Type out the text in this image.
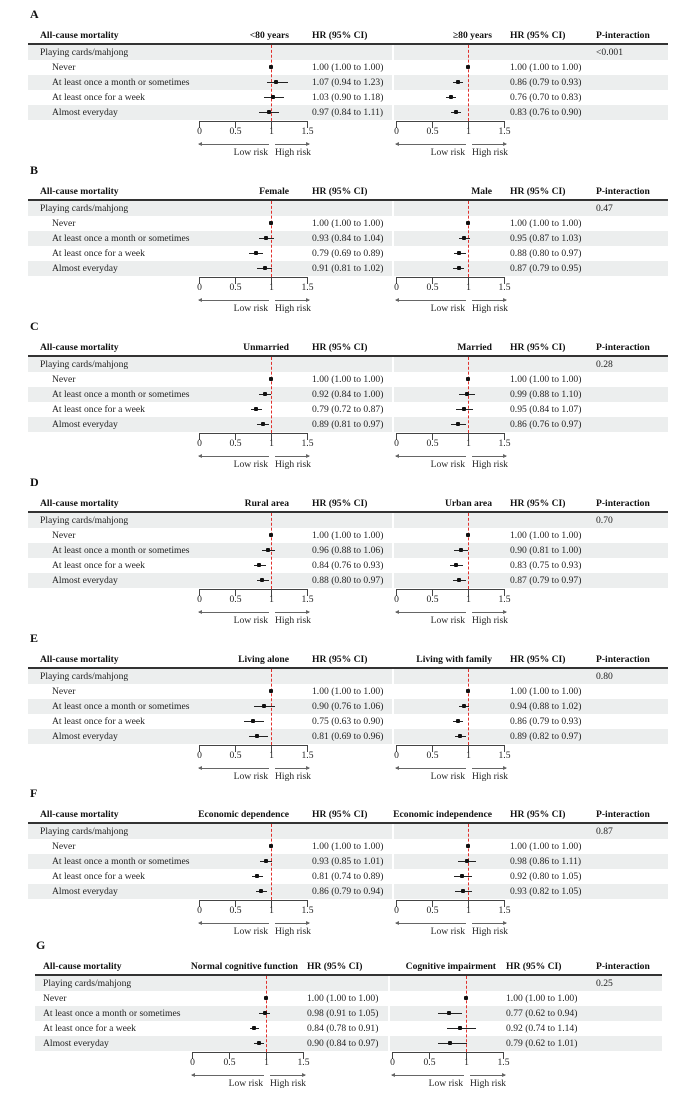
A
All-cause mortality	<80 years HR (95% CI)	≥80 years HR (95% CI)	P-interaction
Playing cards/mahjong	<0.001
Never	1.00 (1.00 to 1.00)	1.00 (1.00 to 1.00)
At least once a month or sometimes	1.07 (0.94 to 1.23)	0.86 (0.79 to 0.93)
At least once for a week	1.03 (0.90 to 1.18)	0.76 (0.70 to 0.83)
Almost everyday	0.97 (0.84 to 1.11)	0.83 (0.76 to 0.90)
0	0.5	1	1.5
Low risk High risk
0	0.5	1	1.5
Low risk High risk
B
All-cause mortality	Female HR (95% CI)	Male HR (95% CI)	P-interaction
Playing cards/mahjong	0.47
Never	1.00 (1.00 to 1.00)	1.00 (1.00 to 1.00)
At least once a month or sometimes	0.93 (0.84 to 1.04)	0.95 (0.87 to 1.03)
At least once for a week	0.79 (0.69 to 0.89)	0.88 (0.80 to 0.97)
Almost everyday	0.91 (0.81 to 1.02)	0.87 (0.79 to 0.95)
0	0.5	1	1.5
Low risk High risk
0	0.5	1	1.5
Low risk High risk
C
All-cause mortality	Unmarried HR (95% CI)	Married HR (95% CI)	P-interaction
Playing cards/mahjong	0.28
Never	1.00 (1.00 to 1.00)	1.00 (1.00 to 1.00)
At least once a month or sometimes	0.92 (0.84 to 1.00)	0.99 (0.88 to 1.10)
At least once for a week	0.79 (0.72 to 0.87)	0.95 (0.84 to 1.07)
Almost everyday	0.89 (0.81 to 0.97)	0.86 (0.76 to 0.97)
0	0.5	1	1.5
Low risk High risk
0	0.5	1	1.5
Low risk High risk
D
All-cause mortality	Rural area HR (95% CI)	Urban area HR (95% CI)	P-interaction
Playing cards/mahjong	0.70
Never	1.00 (1.00 to 1.00)	1.00 (1.00 to 1.00)
At least once a month or sometimes	0.96 (0.88 to 1.06)	0.90 (0.81 to 1.00)
At least once for a week	0.84 (0.76 to 0.93)	0.83 (0.75 to 0.93)
Almost everyday	0.88 (0.80 to 0.97)	0.87 (0.79 to 0.97)
0	0.5	1	1.5
Low risk High risk
0	0.5	1	1.5
Low risk High risk
E
All-cause mortality	Living alone HR (95% CI)	Living with family HR (95% CI)	P-interaction
Playing cards/mahjong	0.80
Never	1.00 (1.00 to 1.00)	1.00 (1.00 to 1.00)
At least once a month or sometimes	0.90 (0.76 to 1.06)	0.94 (0.88 to 1.02)
At least once for a week	0.75 (0.63 to 0.90)	0.86 (0.79 to 0.93)
Almost everyday	0.81 (0.69 to 0.96)	0.89 (0.82 to 0.97)
0	0.5	1	1.5
Low risk High risk
0	0.5	1	1.5
Low risk High risk
F
All-cause mortality	Economic dependence HR (95% CI)	Economic independence HR (95% CI)	P-interaction
Playing cards/mahjong	0.87
Never	1.00 (1.00 to 1.00)	1.00 (1.00 to 1.00)
At least once a month or sometimes	0.93 (0.85 to 1.01)	0.98 (0.86 to 1.11)
At least once for a week	0.81 (0.74 to 0.89)	0.92 (0.80 to 1.05)
Almost everyday	0.86 (0.79 to 0.94)	0.93 (0.82 to 1.05)
0	0.5	1	1.5
Low risk High risk
0	0.5	1	1.5
Low risk High risk
G
All-cause mortality	Normal cognitive function HR (95% CI)	Cognitive impairment HR (95% CI)	P-interaction
Playing cards/mahjong	0.25
Never	1.00 (1.00 to 1.00)	1.00 (1.00 to 1.00)
At least once a month or sometimes	0.98 (0.91 to 1.05)	0.77 (0.62 to 0.94)
At least once for a week	0.84 (0.78 to 0.91)	0.92 (0.74 to 1.14)
Almost everyday	0.90 (0.84 to 0.97)	0.79 (0.62 to 1.01)
0	0.5	1	1.5
Low risk High risk
0	0.5	1	1.5
Low risk High risk
